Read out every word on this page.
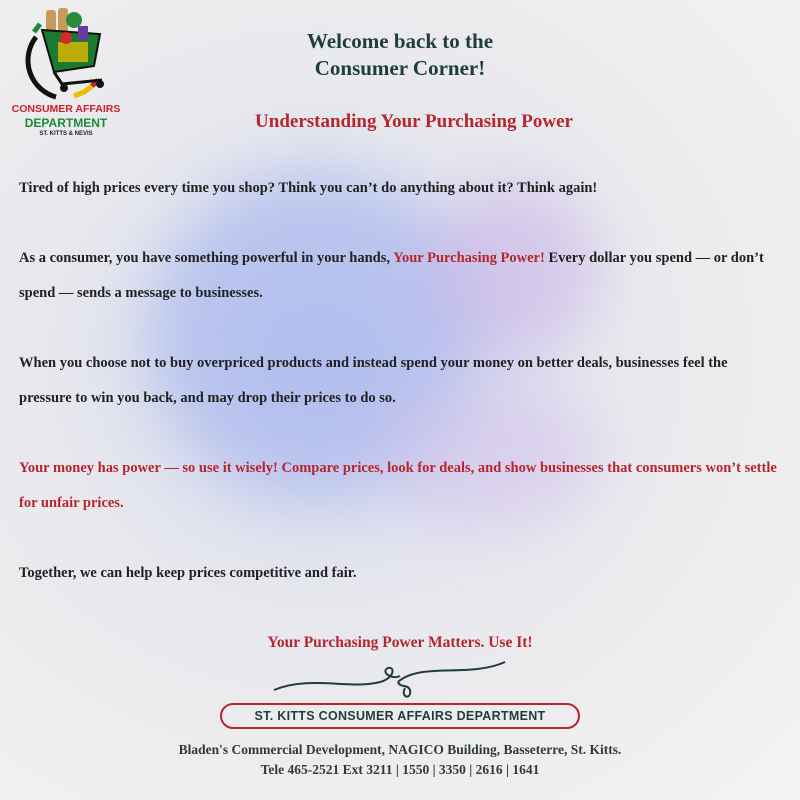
CONSUMER AFFAIRS
DEPARTMENT
ST. KITTS & NEVIS
Welcome back to the
Consumer Corner!
Understanding Your Purchasing Power

Tired of high prices every time you shop? Think you can’t do anything about it? Think again!

As a consumer, you have something powerful in your hands, Your Purchasing Power! Every dollar you spend — or don’t spend — sends a message to businesses.

When you choose not to buy overpriced products and instead spend your money on better deals, businesses feel the pressure to win you back, and may drop their prices to do so.

Your money has power — so use it wisely! Compare prices, look for deals, and show businesses that consumers won’t settle for unfair prices.

Together, we can help keep prices competitive and fair.

Your Purchasing Power Matters. Use It!
ST. KITTS CONSUMER AFFAIRS DEPARTMENT
Bladen's Commercial Development, NAGICO Building, Basseterre, St. Kitts.
Tele 465-2521 Ext 3211 | 1550 | 3350 | 2616 | 1641
